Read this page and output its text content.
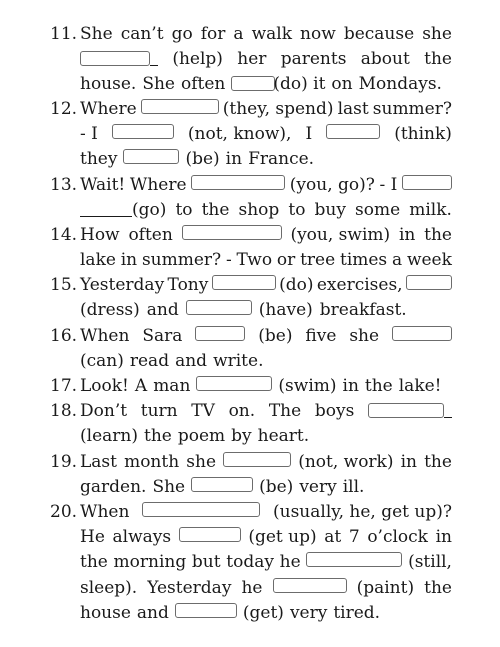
11. She can’t go for a walk now because she
(help) her parents about the
house. She often	(do) it on Mondays.
12. Where	(they, spend) last summer?
- I	(not, know), I	(think)
they	(be) in France.
13. Wait! Where	(you, go)? - I
(go) to the shop to buy some milk.
14. How often	(you, swim) in the
lake in summer? - Two or tree times a week
15. Yesterday Tony	(do) exercises,
(dress) and	(have) breakfast.
16. When Sara	(be) five she
(can) read and write.
17. Look! A man	(swim) in the lake!
18. Don’t turn TV on. The boys
(learn) the poem by heart.
19. Last month she	(not, work) in the
garden. She	(be) very ill.
20. When	(usually, he, get up)?
He always	(get up) at 7 o’clock in
the morning but today he	(still,
sleep). Yesterday he	(paint) the
house and	(get) very tired.
